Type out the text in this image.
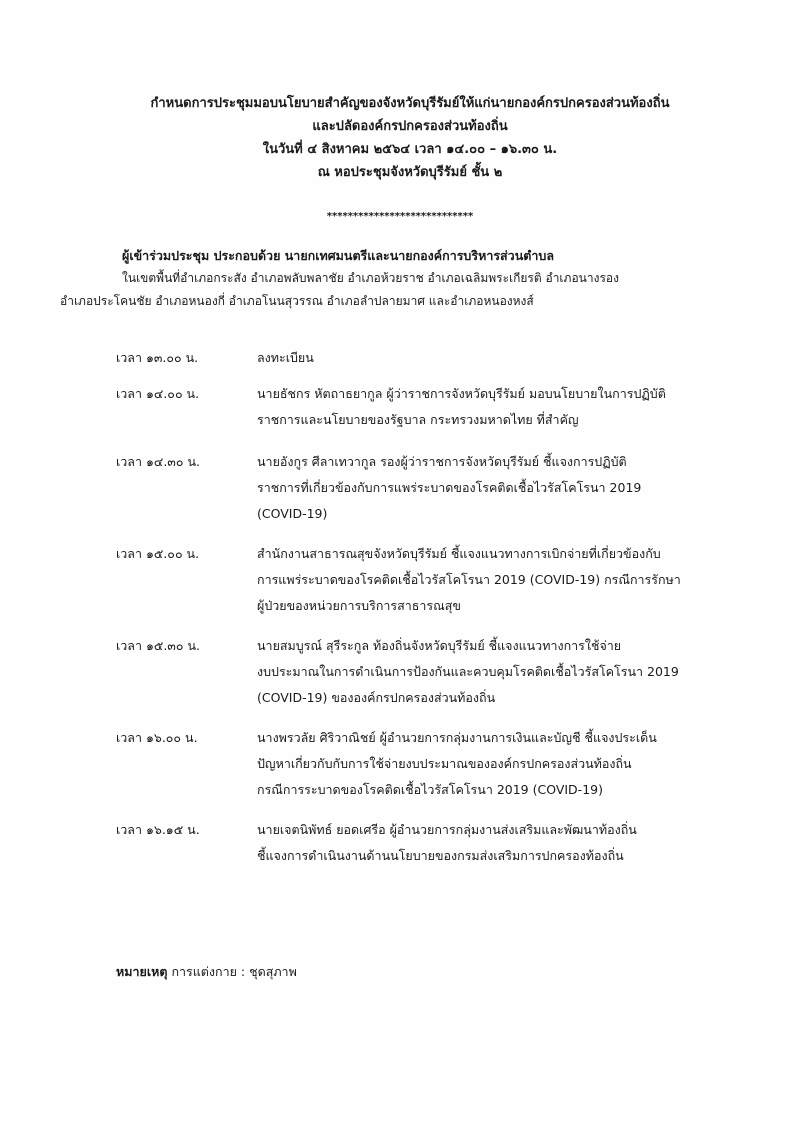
กำหนดการประชุมมอบนโยบายสำคัญของจังหวัดบุรีรัมย์ให้แก่นายกองค์กรปกครองส่วนท้องถิ่น
และปลัดองค์กรปกครองส่วนท้องถิ่น
ในวันที่ ๔ สิงหาคม ๒๕๖๔ เวลา ๑๔.๐๐ – ๑๖.๓๐ น.
ณ หอประชุมจังหวัดบุรีรัมย์ ชั้น ๒
****************************
ผู้เข้าร่วมประชุม ประกอบด้วย นายกเทศมนตรีและนายกองค์การบริหารส่วนตำบล
ในเขตพื้นที่อำเภอกระสัง อำเภอพลับพลาชัย อำเภอห้วยราช อำเภอเฉลิมพระเกียรติ อำเภอนางรอง
อำเภอประโคนชัย อำเภอหนองกี่ อำเภอโนนสุวรรณ อำเภอลำปลายมาศ และอำเภอหนองหงส์
เวลา ๑๓.๐๐ น.	ลงทะเบียน
เวลา ๑๔.๐๐ น.	นายธัชกร หัตถาธยากูล ผู้ว่าราชการจังหวัดบุรีรัมย์ มอบนโยบายในการปฏิบัติ
ราชการและนโยบายของรัฐบาล กระทรวงมหาดไทย ที่สำคัญ
เวลา ๑๔.๓๐ น.	นายอังกูร ศีลาเทวากูล รองผู้ว่าราชการจังหวัดบุรีรัมย์ ชี้แจงการปฏิบัติ
ราชการที่เกี่ยวข้องกับการแพร่ระบาดของโรคติดเชื้อไวรัสโคโรนา 2019
(COVID-19)
เวลา ๑๕.๐๐ น.	สำนักงานสาธารณสุขจังหวัดบุรีรัมย์ ชี้แจงแนวทางการเบิกจ่ายที่เกี่ยวข้องกับ
การแพร่ระบาดของโรคติดเชื้อไวรัสโคโรนา 2019 (COVID-19) กรณีการรักษา
ผู้ป่วยของหน่วยการบริการสาธารณสุข
เวลา ๑๕.๓๐ น.	นายสมบูรณ์ สุรีระกูล ท้องถิ่นจังหวัดบุรีรัมย์ ชี้แจงแนวทางการใช้จ่าย
งบประมาณในการดำเนินการป้องกันและควบคุมโรคติดเชื้อไวรัสโคโรนา 2019
(COVID-19) ขององค์กรปกครองส่วนท้องถิ่น
เวลา ๑๖.๐๐ น.	นางพรวลัย ศิริวาณิชย์ ผู้อำนวยการกลุ่มงานการเงินและบัญชี ชี้แจงประเด็น
ปัญหาเกี่ยวกับกับการใช้จ่ายงบประมาณขององค์กรปกครองส่วนท้องถิ่น
กรณีการระบาดของโรคติดเชื้อไวรัสโคโรนา 2019 (COVID-19)
เวลา ๑๖.๑๕ น.	นายเจตนิพัทธ์ ยอดเศรีอ ผู้อำนวยการกลุ่มงานส่งเสริมและพัฒนาท้องถิ่น
ชี้แจงการดำเนินงานด้านนโยบายของกรมส่งเสริมการปกครองท้องถิ่น
หมายเหตุ การแต่งกาย : ชุดสุภาพ
